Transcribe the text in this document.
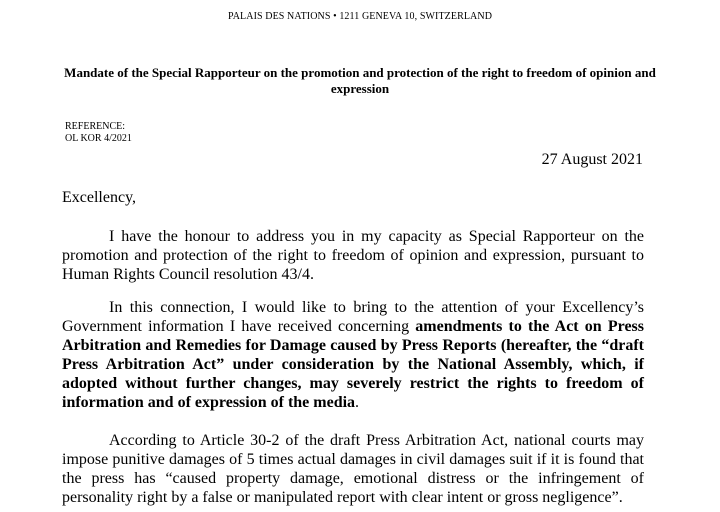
PALAIS DES NATIONS • 1211 GENEVA 10, SWITZERLAND
Mandate of the Special Rapporteur on the promotion and protection of the right to freedom of opinion and expression
REFERENCE:
OL KOR 4/2021
27 August 2021
Excellency,
I have the honour to address you in my capacity as Special Rapporteur on the promotion and protection of the right to freedom of opinion and expression, pursuant to Human Rights Council resolution 43/4.
In this connection, I would like to bring to the attention of your Excellency’s Government information I have received concerning amendments to the Act on Press Arbitration and Remedies for Damage caused by Press Reports (hereafter, the “draft Press Arbitration Act” under consideration by the National Assembly, which, if adopted without further changes, may severely restrict the rights to freedom of information and of expression of the media.
According to Article 30-2 of the draft Press Arbitration Act, national courts may impose punitive damages of 5 times actual damages in civil damages suit if it is found that the press has “caused property damage, emotional distress or the infringement of personality right by a false or manipulated report with clear intent or gross negligence”.
